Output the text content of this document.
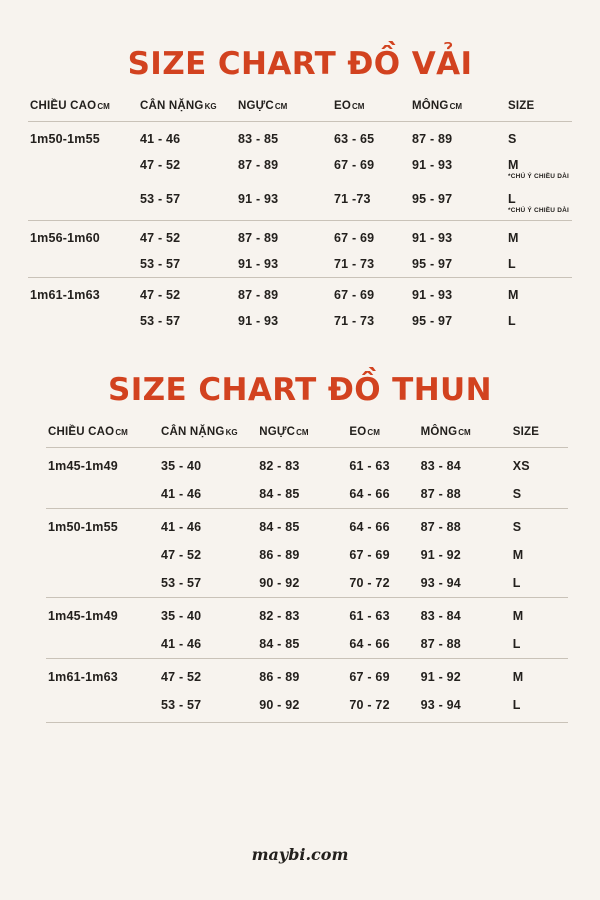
SIZE CHART ĐỒ VẢI
CHIỀU CAOCM	CÂN NẶNGKG	NGỰCCM	EOCM	MÔNGCM	SIZE
1m50-1m55	41 - 46	83 - 85	63 - 65	87 - 89	S
	47 - 52	87 - 89	67 - 69	91 - 93	M
*CHÚ Ý CHIỀU DÀI

	53 - 57	91 - 93	71 -73	95 - 97	L
*CHÚ Ý CHIỀU DÀI

1m56-1m60	47 - 52	87 - 89	67 - 69	91 - 93	M
	53 - 57	91 - 93	71 - 73	95 - 97	L
1m61-1m63	47 - 52	87 - 89	67 - 69	91 - 93	M
	53 - 57	91 - 93	71 - 73	95 - 97	L
SIZE CHART ĐỒ THUN
CHIỀU CAOCM	CÂN NẶNGKG	NGỰCCM	EOCM	MÔNGCM	SIZE
1m45-1m49	35 - 40	82 - 83	61 - 63	83 - 84	XS
	41 - 46	84 - 85	64 - 66	87 - 88	S
1m50-1m55	41 - 46	84 - 85	64 - 66	87 - 88	S
	47 - 52	86 - 89	67 - 69	91 - 92	M
	53 - 57	90 - 92	70 - 72	93 - 94	L
1m45-1m49	35 - 40	82 - 83	61 - 63	83 - 84	M
	41 - 46	84 - 85	64 - 66	87 - 88	L
1m61-1m63	47 - 52	86 - 89	67 - 69	91 - 92	M
	53 - 57	90 - 92	70 - 72	93 - 94	L
maybi.com
